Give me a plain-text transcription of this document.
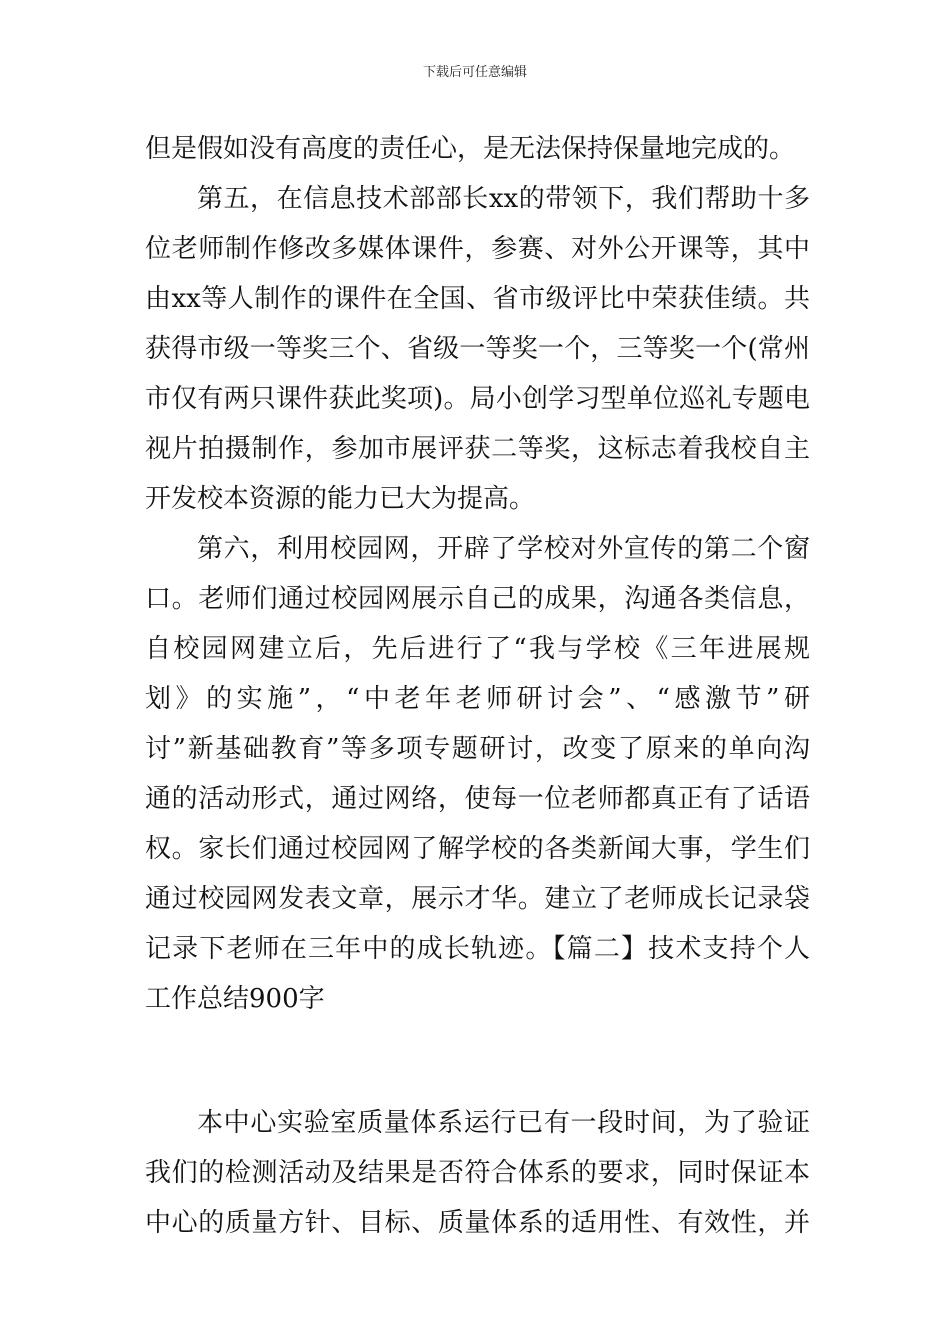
下载后可任意编辑
但是假如没有高度的责任心，是无法保持保量地完成的。
第五，在信息技术部部长xx的带领下，我们帮助十多
位老师制作修改多媒体课件，参赛、对外公开课等，其中
由xx等人制作的课件在全国、省市级评比中荣获佳绩。共
获得市级一等奖三个、省级一等奖一个，三等奖一个(常州
市仅有两只课件获此奖项)。局小创学习型单位巡礼专题电
视片拍摄制作，参加市展评获二等奖，这标志着我校自主
开发校本资源的能力已大为提高。
第六，利用校园网，开辟了学校对外宣传的第二个窗
口。老师们通过校园网展示自己的成果，沟通各类信息，
自校园网建立后，先后进行了“我与学校《三年进展规
划》的实施”，“中老年老师研讨会”、“感激节”研
讨”新基础教育”等多项专题研讨，改变了原来的单向沟
通的活动形式，通过网络，使每一位老师都真正有了话语
权。家长们通过校园网了解学校的各类新闻大事，学生们
通过校园网发表文章，展示才华。建立了老师成长记录袋
记录下老师在三年中的成长轨迹。【篇二】技术支持个人
工作总结900字
本中心实验室质量体系运行已有一段时间，为了验证
我们的检测活动及结果是否符合体系的要求，同时保证本
中心的质量方针、目标、质量体系的适用性、有效性，并
